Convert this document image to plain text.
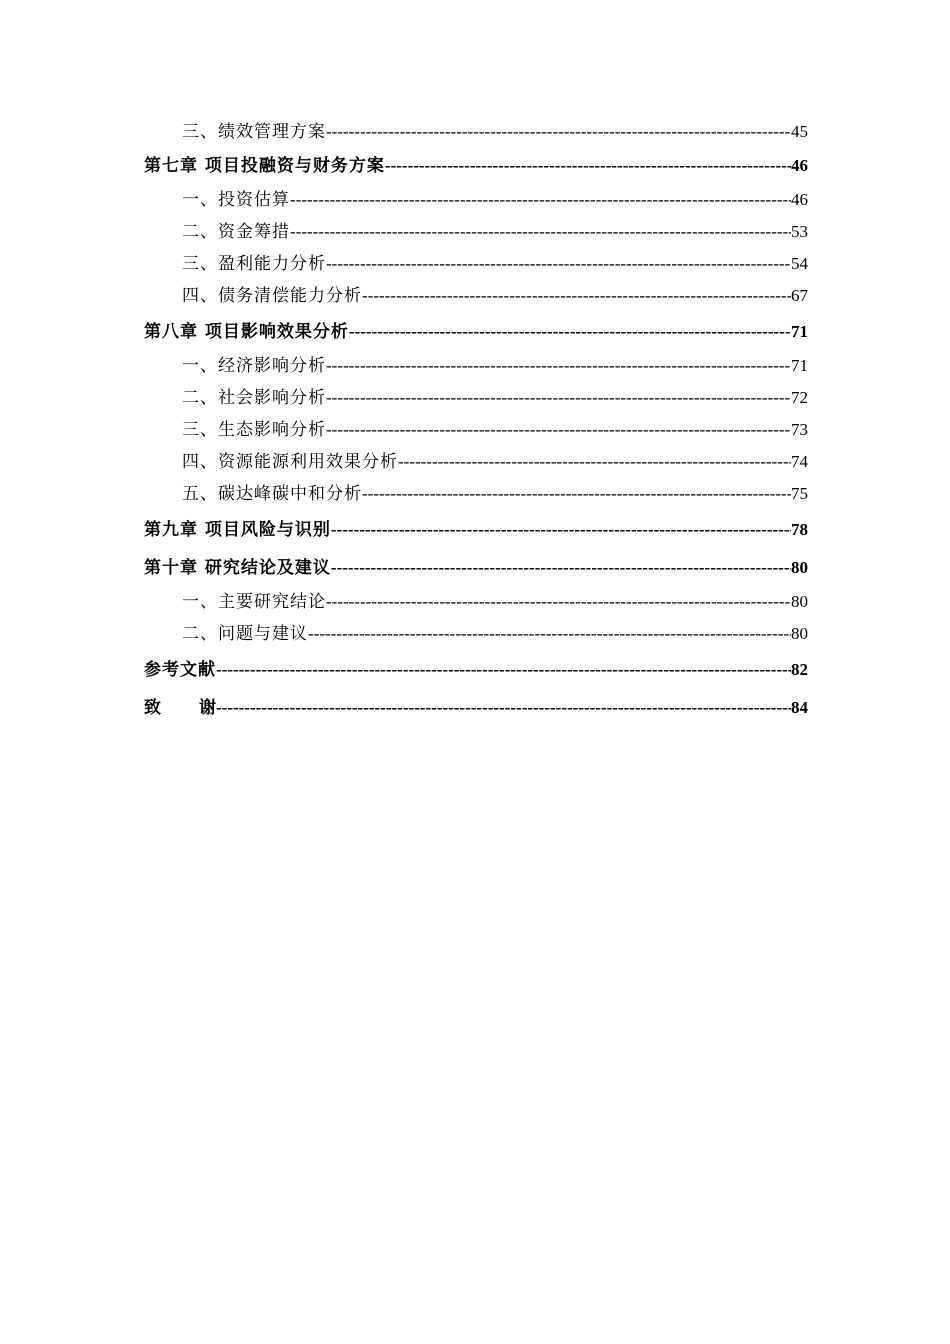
三、绩效管理方案 -----	45
第七章 项目投融资与财务方案 -----	46
一、投资估算 -----	46
二、资金筹措 -----	53
三、盈利能力分析 -----	54
四、债务清偿能力分析 -----	67
第八章 项目影响效果分析 -----	71
一、经济影响分析 -----	71
二、社会影响分析 -----	72
三、生态影响分析 -----	73
四、资源能源利用效果分析 -----	74
五、碳达峰碳中和分析 -----	75
第九章 项目风险与识别 -----	78
第十章 研究结论及建议 -----	80
一、主要研究结论 -----	80
二、问题与建议 -----	80
参考文献 -----	82
致 谢 -----	84
